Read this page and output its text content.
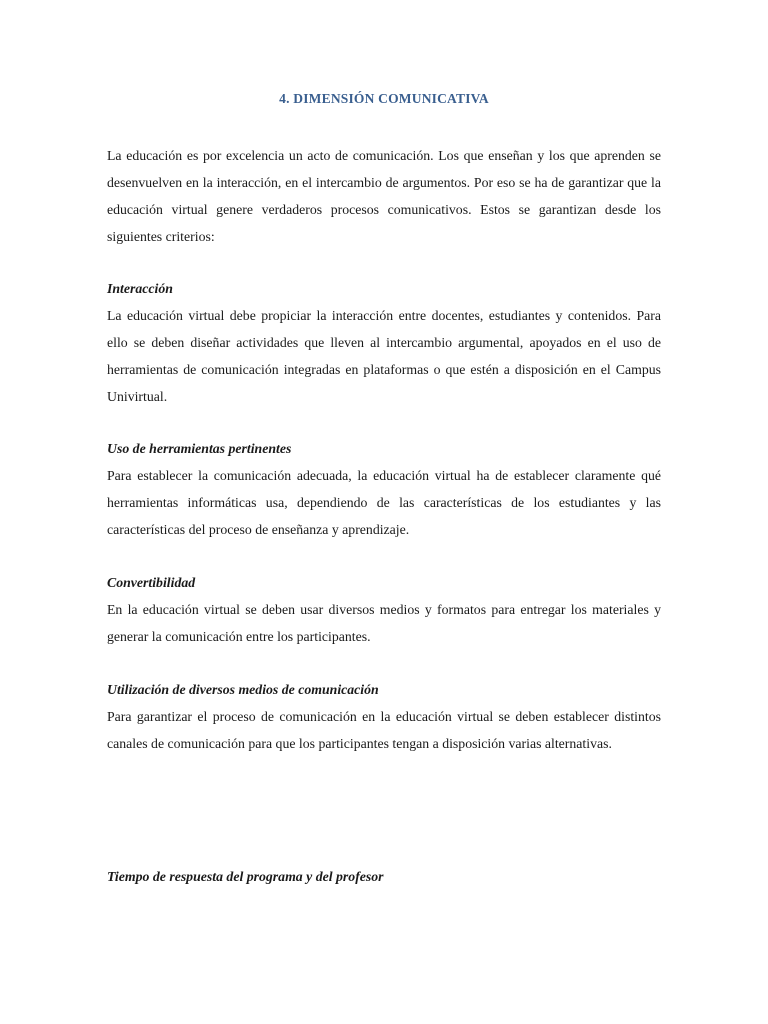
4. DIMENSIÓN COMUNICATIVA

La educación es por excelencia un acto de comunicación. Los que enseñan y los que aprenden se desenvuelven en la interacción, en el intercambio de argumentos. Por eso se ha de garantizar que la educación virtual genere verdaderos procesos comunicativos. Estos se garantizan desde los siguientes criterios:

Interacción

La educación virtual debe propiciar la interacción entre docentes, estudiantes y contenidos. Para ello se deben diseñar actividades que lleven al intercambio argumental, apoyados en el uso de herramientas de comunicación integradas en plataformas o que estén a disposición en el Campus Univirtual.

Uso de herramientas pertinentes

Para establecer la comunicación adecuada, la educación virtual ha de establecer claramente qué herramientas informáticas usa, dependiendo de las características de los estudiantes y las características del proceso de enseñanza y aprendizaje.

Convertibilidad

En la educación virtual se deben usar diversos medios y formatos para entregar los materiales y generar la comunicación entre los participantes.

Utilización de diversos medios de comunicación

Para garantizar el proceso de comunicación en la educación virtual se deben establecer distintos canales de comunicación para que los participantes tengan a disposición varias alternativas.

Tiempo de respuesta del programa y del profesor
